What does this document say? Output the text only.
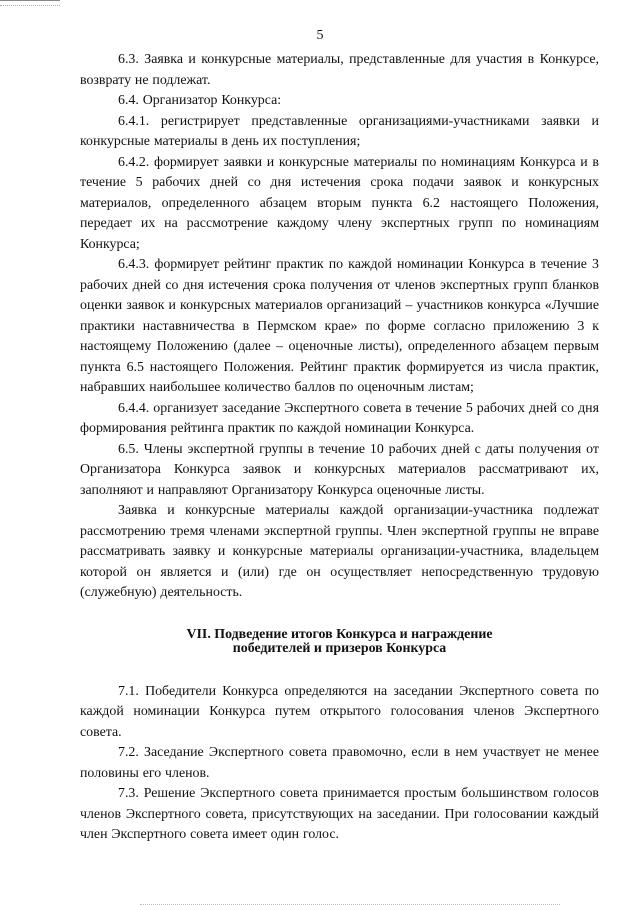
5

6.3. Заявка и конкурсные материалы, представленные для участия в Конкурсе, возврату не подлежат.

6.4. Организатор Конкурса:

6.4.1. регистрирует представленные организациями-участниками заявки и конкурсные материалы в день их поступления;

6.4.2. формирует заявки и конкурсные материалы по номинациям Конкурса и в течение 5 рабочих дней со дня истечения срока подачи заявок и конкурсных материалов, определенного абзацем вторым пункта 6.2 настоящего Положения, передает их на рассмотрение каждому члену экспертных групп по номинациям Конкурса;

6.4.3. формирует рейтинг практик по каждой номинации Конкурса в течение 3 рабочих дней со дня истечения срока получения от членов экспертных групп бланков оценки заявок и конкурсных материалов организаций – участников конкурса «Лучшие практики наставничества в Пермском крае» по форме согласно приложению 3 к настоящему Положению (далее – оценочные листы), определенного абзацем первым пункта 6.5 настоящего Положения. Рейтинг практик формируется из числа практик, набравших наибольшее количество баллов по оценочным листам;

6.4.4. организует заседание Экспертного совета в течение 5 рабочих дней со дня формирования рейтинга практик по каждой номинации Конкурса.

6.5. Члены экспертной группы в течение 10 рабочих дней с даты получения от Организатора Конкурса заявок и конкурсных материалов рассматривают их, заполняют и направляют Организатору Конкурса оценочные листы.

Заявка и конкурсные материалы каждой организации-участника подлежат рассмотрению тремя членами экспертной группы. Член экспертной группы не вправе рассматривать заявку и конкурсные материалы организации-участника, владельцем которой он является и (или) где он осуществляет непосредственную трудовую (служебную) деятельность.

VII. Подведение итогов Конкурса и награждение

победителей и призеров Конкурса

7.1. Победители Конкурса определяются на заседании Экспертного совета по каждой номинации Конкурса путем открытого голосования членов Экспертного совета.

7.2. Заседание Экспертного совета правомочно, если в нем участвует не менее половины его членов.

7.3. Решение Экспертного совета принимается простым большинством голосов членов Экспертного совета, присутствующих на заседании. При голосовании каждый член Экспертного совета имеет один голос.
